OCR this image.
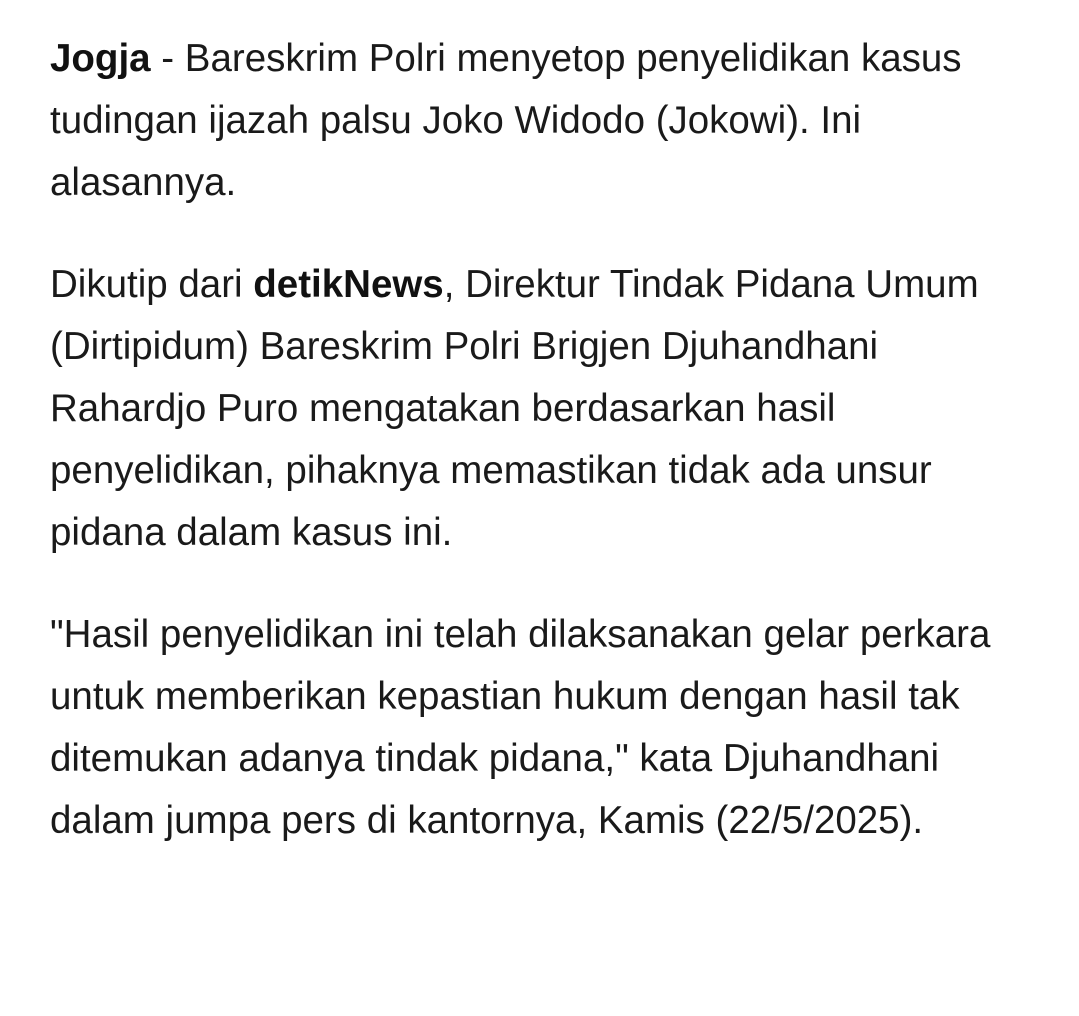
Jogja - Bareskrim Polri menyetop penyelidikan kasus tudingan ijazah palsu Joko Widodo (Jokowi). Ini alasannya.

Dikutip dari detikNews, Direktur Tindak Pidana Umum (Dirtipidum) Bareskrim Polri Brigjen Djuhandhani Rahardjo Puro mengatakan berdasarkan hasil penyelidikan, pihaknya memastikan tidak ada unsur pidana dalam kasus ini.

"Hasil penyelidikan ini telah dilaksanakan gelar perkara untuk memberikan kepastian hukum dengan hasil tak ditemukan adanya tindak pidana," kata Djuhandhani dalam jumpa pers di kantornya, Kamis (22/5/2025).
